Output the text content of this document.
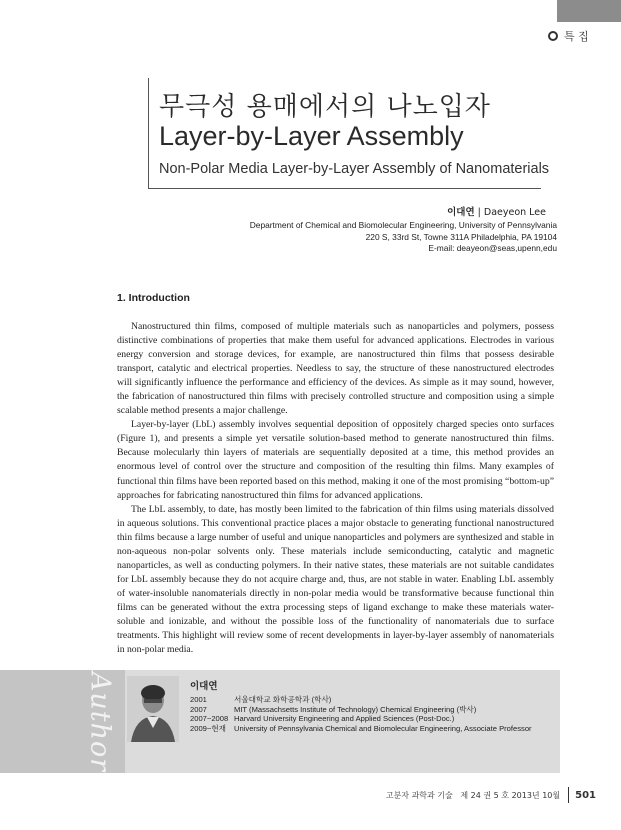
특 집
무극성 용매에서의 나노입자
Layer-by-Layer Assembly
Non-Polar Media Layer-by-Layer Assembly of Nanomaterials
이대연 | Daeyeon Lee
Department of Chemical and Biomolecular Engineering, University of Pennsylvania
220 S, 33rd St, Towne 311A Philadelphia, PA 19104
E-mail: deayeon@seas,upenn,edu
1. Introduction

Nanostructured thin films, composed of multiple materials such as nanoparticles and polymers, possess distinctive combinations of properties that make them useful for advanced applications. Electrodes in various energy conversion and storage devices, for example, are nanostructured thin films that possess desirable transport, catalytic and electrical properties. Needless to say, the structure of these nanostructured electrodes will significantly influence the performance and efficiency of the devices. As simple as it may sound, however, the fabrication of nanostructured thin films with precisely controlled structure and composition using a simple scalable method presents a major challenge.

Layer-by-layer (LbL) assembly involves sequential deposition of oppositely charged species onto surfaces (Figure 1), and presents a simple yet versatile solution-based method to generate nanostructured thin films. Because molecularly thin layers of materials are sequentially deposited at a time, this method provides an enormous level of control over the structure and composition of the resulting thin films. Many examples of functional thin films have been reported based on this method, making it one of the most promising “bottom-up” approaches for fabricating nanostructured thin films for advanced applications.

The LbL assembly, to date, has mostly been limited to the fabrication of thin films using materials dissolved in aqueous solutions. This conventional practice places a major obstacle to generating functional nanostructured thin films because a large number of useful and unique nanoparticles and polymers are synthesized and stable in non-aqueous non-polar solvents only. These materials include semiconducting, catalytic and magnetic nanoparticles, as well as conducting polymers. In their native states, these materials are not suitable candidates for LbL assembly because they do not acquire charge and, thus, are not stable in water. Enabling LbL assembly of water-insoluble nanomaterials directly in non-polar media would be transformative because functional thin films can be generated without the extra processing steps of ligand exchange to make these materials water-soluble and ionizable, and without the possible loss of the functionality of nanomaterials due to surface treatments. This highlight will review some of recent developments in layer-by-layer assembly of nanomaterials in non-polar media.

Author	이대연
2001	서울대학교 화학공학과 (학사)
2007	MIT (Massachsetts Institute of Technology) Chemical Engineering (박사)
2007~2008 Harvard University Engineering and Applied Sciences (Post-Doc.)
2009~현재	University of Pennsylvania Chemical and Biomolecular Engineering, Associate Professor
고분자 과학과 기술
제 24 권 5 호 2013년 10월 501
